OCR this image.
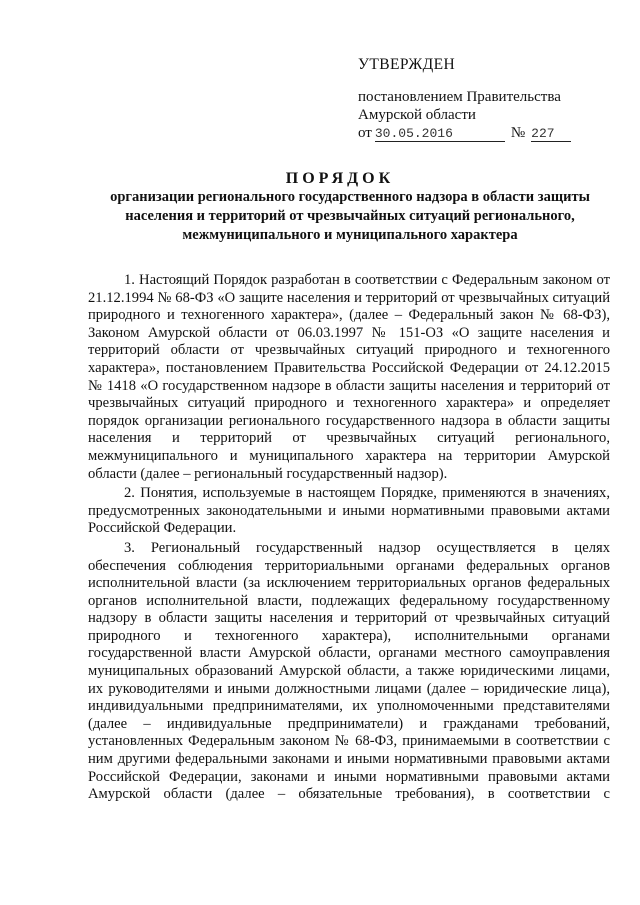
УТВЕРЖДЕН
постановлением Правительства
Амурской области
от 30.05.2016	№ 227
ПОРЯДОК
организации регионального государственного надзора в области защиты населения и территорий от чрезвычайных ситуаций регионального, межмуниципального и муниципального характера

1. Настоящий Порядок разработан в соответствии с Федеральным законом от 21.12.1994 № 68-ФЗ «О защите населения и территорий от чрезвычайных ситуаций природного и техногенного характера», (далее – Федеральный закон № 68-ФЗ), Законом Амурской области от 06.03.1997 № 151-ОЗ «О защите населения и территорий области от чрезвычайных ситуаций природного и техногенного характера», постановлением Правительства Российской Федерации от 24.12.2015 № 1418 «О государственном надзоре в области защиты населения и территорий от чрезвычайных ситуаций природного и техногенного характера» и определяет порядок организации регионального государственного надзора в области защиты населения и территорий от чрезвычайных ситуаций регионального, межмуниципального и муниципального характера на территории Амурской области (далее – региональный государственный надзор).

2. Понятия, используемые в настоящем Порядке, применяются в значениях, предусмотренных законодательными и иными нормативными правовыми актами Российской Федерации.

3. Региональный государственный надзор осуществляется в целях обеспечения соблюдения территориальными органами федеральных органов исполнительной власти (за исключением территориальных органов федеральных органов исполнительной власти, подлежащих федеральному государственному надзору в области защиты населения и территорий от чрезвычайных ситуаций природного и техногенного характера), исполнительными органами государственной власти Амурской области, органами местного самоуправления муниципальных образований Амурской области, а также юридическими лицами, их руководителями и иными должностными лицами (далее – юридические лица), индивидуальными предпринимателями, их уполномоченными представителями (далее – индивидуальные предприниматели) и гражданами требований, установленных Федеральным законом № 68-ФЗ, принимаемыми в соответствии с ним другими федеральными законами и иными нормативными правовыми актами Российской Федерации, законами и иными нормативными правовыми актами Амурской области (далее – обязательные требования), в соответствии с
